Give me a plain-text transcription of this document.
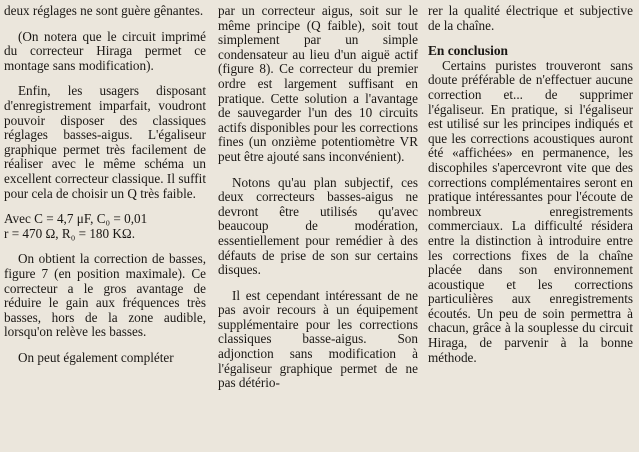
deux réglages ne sont guère gênantes.

(On notera que le circuit imprimé du correcteur Hiraga permet ce montage sans modification).

Enfin, les usagers disposant d'enregistrement imparfait, voudront pouvoir disposer des classiques réglages basses-aigus. L'égaliseur graphique permet très facilement de réaliser avec le même schéma un excellent correcteur classique. Il suffit pour cela de choisir un Q très faible.

Avec C = 4,7 μF, C₀ = 0,01
r = 470 Ω, R₀ = 180 KΩ.

On obtient la correction de basses, figure 7 (en position maximale). Ce correcteur a le gros avantage de réduire le gain aux fréquences très basses, hors de la zone audible, lorsqu'on relève les basses.

On peut également compléter

par un correcteur aigus, soit sur le même principe (Q faible), soit tout simplement par un simple condensateur au lieu d'un aiguë actif (figure 8). Ce correcteur du premier ordre est largement suffisant en pratique. Cette solution a l'avantage de sauvegarder l'un des 10 circuits actifs disponibles pour les corrections fines (un onzième potentiomètre VR peut être ajouté sans inconvénient).

Notons qu'au plan subjectif, ces deux correcteurs basses-aigus ne devront être utilisés qu'avec beaucoup de modération, essentiellement pour remédier à des défauts de prise de son sur certains disques.

Il est cependant intéressant de ne pas avoir recours à un équipement supplémentaire pour les corrections classiques basse-aigus. Son adjonction sans modification à l'égaliseur graphique permet de ne pas détério-

rer la qualité électrique et subjective de la chaîne.

En conclusion

Certains puristes trouveront sans doute préférable de n'effectuer aucune correction et... de supprimer l'égaliseur. En pratique, si l'égaliseur est utilisé sur les principes indiqués et que les corrections acoustiques auront été «affichées» en permanence, les discophiles s'apercevront vite que des corrections complémentaires seront en pratique intéressantes pour l'écoute de nombreux enregistrements commerciaux. La difficulté résidera entre la distinction à introduire entre les corrections fixes de la chaîne placée dans son environnement acoustique et les corrections particulières aux enregistrements écoutés. Un peu de soin permettra à chacun, grâce à la souplesse du circuit Hiraga, de parvenir à la bonne méthode.
